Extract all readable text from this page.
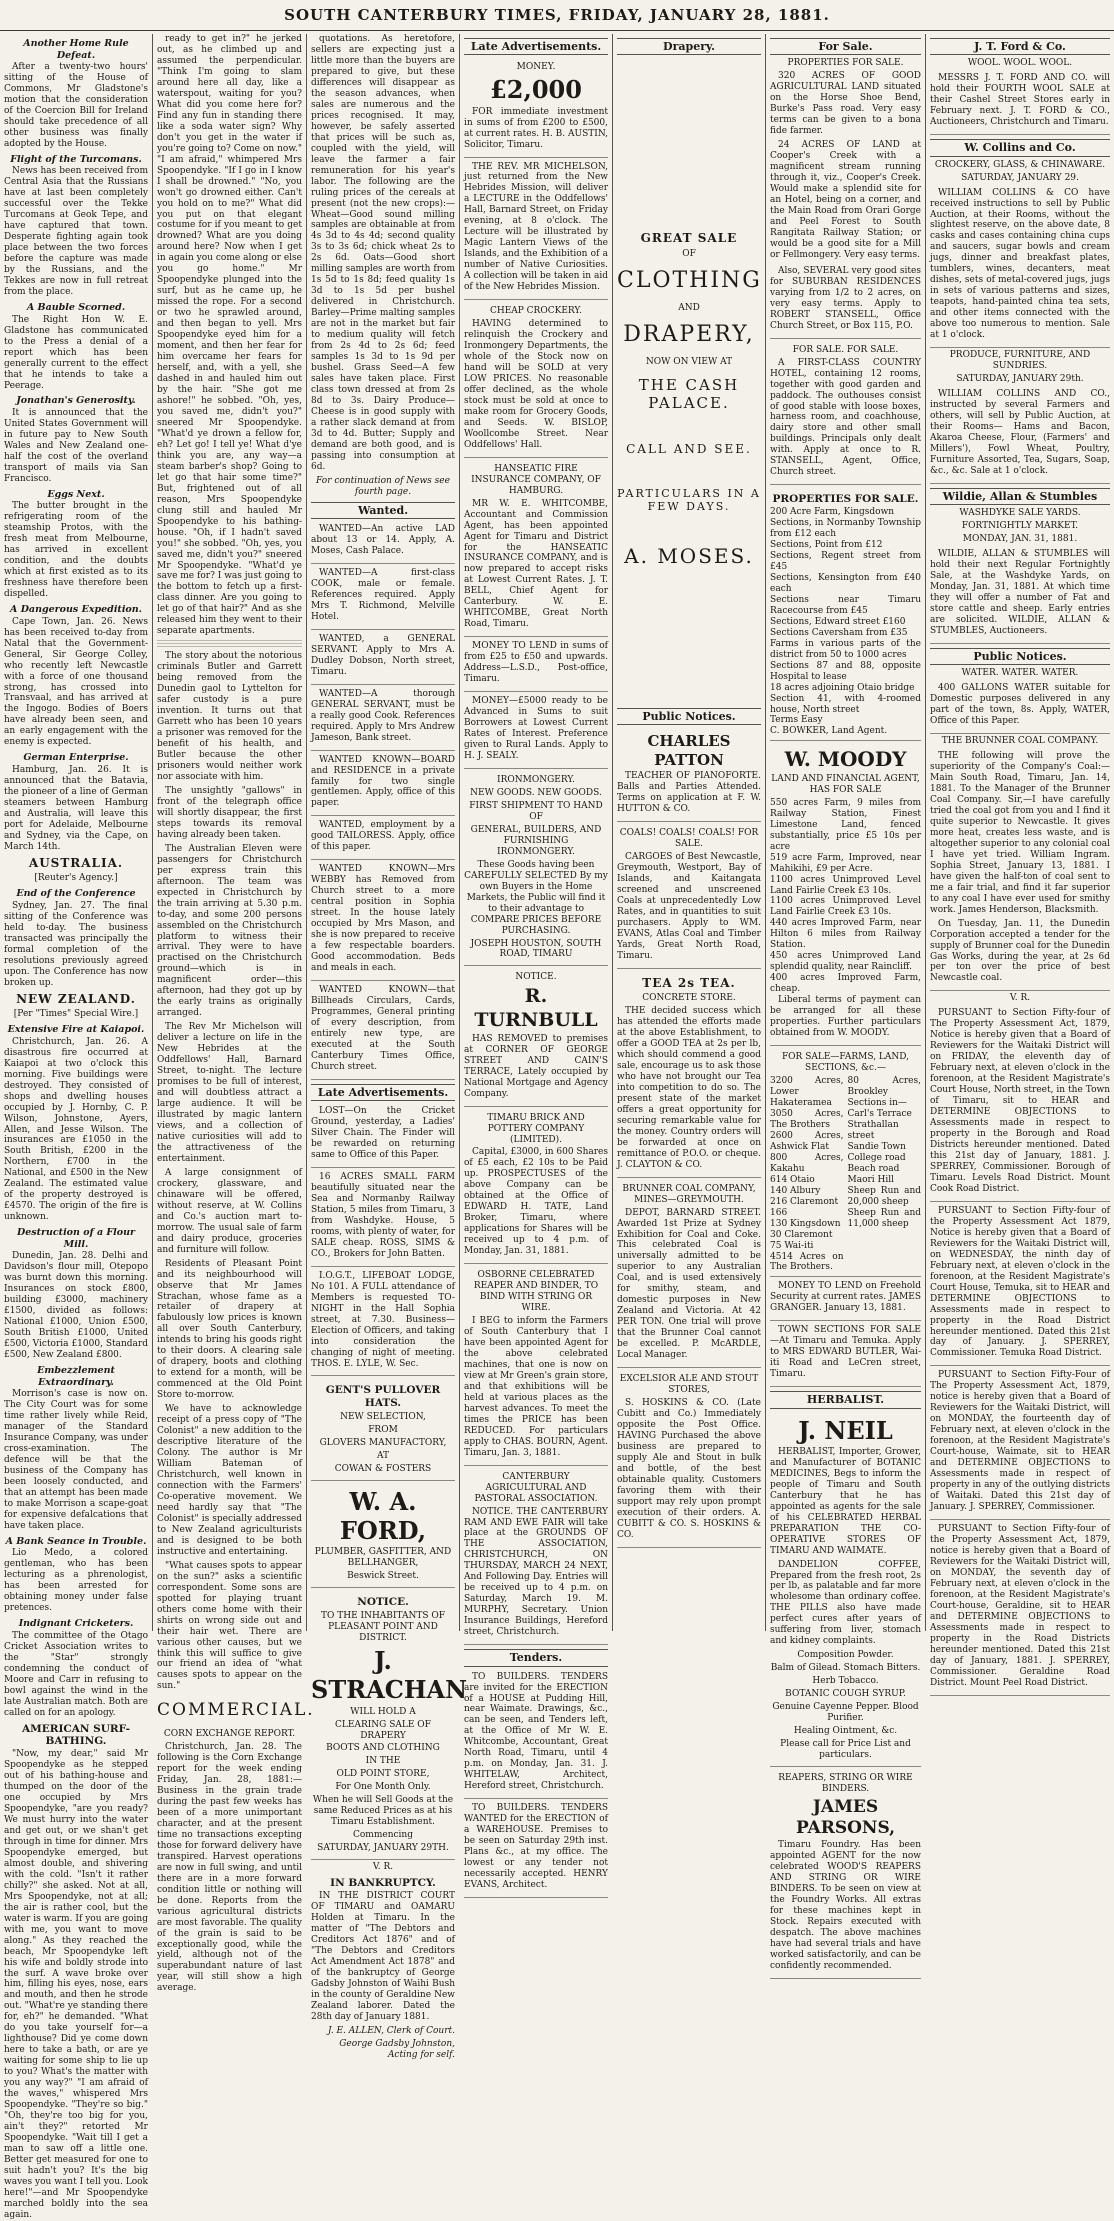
SOUTH CANTERBURY TIMES, FRIDAY, JANUARY 28, 1881.
Another Home Rule Defeat.

After a twenty-two hours' sitting of the House of Commons, Mr Gladstone's motion that the consideration of the Coercion Bill for Ireland should take precedence of all other business was finally adopted by the House.

Flight of the Turcomans.

News has been received from Central Asia that the Russians have at last been completely successful over the Tekke Turcomans at Geok Tepe, and have captured that town. Desperate fighting again took place between the two forces before the capture was made by the Russians, and the Tekkes are now in full retreat from the place.

A Bauble Scorned.

The Right Hon W. E. Gladstone has communicated to the Press a denial of a report which has been generally current to the effect that he intends to take a Peerage.

Jonathan's Generosity.

It is announced that the United States Government will in future pay to New South Wales and New Zealand one-half the cost of the overland transport of mails via San Francisco.

Eggs Next.

The butter brought in the refrigerating room of the steamship Protos, with the fresh meat from Melbourne, has arrived in excellent condition, and the doubts which at first existed as to its freshness have therefore been dispelled.

A Dangerous Expedition.

Cape Town, Jan. 26. News has been received to-day from Natal that the Government-General, Sir George Colley, who recently left Newcastle with a force of one thousand strong, has crossed into Transvaal, and has arrived at the Ingogo. Bodies of Boers have already been seen, and an early engagement with the enemy is expected.

German Enterprise.

Hamburg, Jan. 26. It is announced that the Batavia, the pioneer of a line of German steamers between Hamburg and Australia, will leave this port for Adelaide, Melbourne and Sydney, via the Cape, on March 14th.

AUSTRALIA.
[Reuter's Agency.]
End of the Conference

Sydney, Jan. 27. The final sitting of the Conference was held to-day. The business transacted was principally the formal completion of the resolutions previously agreed upon. The Conference has now broken up.

NEW ZEALAND.
[Per "Times" Special Wire.]
Extensive Fire at Kaiapoi.

Christchurch, Jan. 26. A disastrous fire occurred at Kaiapoi at two o'clock this morning. Five buildings were destroyed. They consisted of shops and dwelling houses occupied by J. Hornby, C. P. Wilson, Johnstone, Ayers, Allen, and Jesse Wilson. The insurances are £1050 in the South British, £200 in the Northern, £700 in the National, and £500 in the New Zealand. The estimated value of the property destroyed is £4570. The origin of the fire is unknown.

Destruction of a Flour Mill.

Dunedin, Jan. 28. Delhi and Davidson's flour mill, Otepopo was burnt down this morning. Insurances on stock £800, building £3000, machinery £1500, divided as follows: National £1000, Union £500, South British £1000, United £500, Victoria £1000, Standard £500, New Zealand £800.

Embezzlement Extraordinary.

Morrison's case is now on. The City Court was for some time rather lively while Reid, manager of the Standard Insurance Company, was under cross-examination. The defence will be that the business of the Company has been loosely conducted, and that an attempt has been made to make Morrison a scape-goat for expensive defalcations that have taken place.

A Bank Seance in Trouble.

Lio Medo, a colored gentleman, who has been lecturing as a phrenologist, has been arrested for obtaining money under false pretences.

Indignant Cricketers.

The committee of the Otago Cricket Association writes to the "Star" strongly condemning the conduct of Moore and Carr in refusing to bowl against the wind in the late Australian match. Both are called on for an apology.

AMERICAN SURF-BATHING.

"Now, my dear," said Mr Spoopendyke as he stepped out of his bathing-house and thumped on the door of the one occupied by Mrs Spoopendyke, "are you ready? We must hurry into the water and get out, or we shan't get through in time for dinner. Mrs Spoopendyke emerged, but almost double, and shivering with the cold. "Isn't it rather chilly?" she asked. Not at all, Mrs Spoopendyke, not at all; the air is rather cool, but the water is warm. If you are going with me, you want to move along." As they reached the beach, Mr Spoopendyke left his wife and boldly strode into the surf. A wave broke over him, filling his eyes, nose, ears and mouth, and then he strode out. "What're ye standing there for, eh?" he demanded. "What do you take yourself for—a lighthouse? Did ye come down here to take a bath, or are ye waiting for some ship to lie up to you? What's the matter with you any way?" "I am afraid of the waves," whispered Mrs Spoopendyke. "They're so big." "Oh, they're too big for you, ain't they?" retorted Mr Spoopendyke. "Wait till I get a man to saw off a little one. Better get measured for one to suit hadn't you? It's the big waves you want I tell you. Look here!"—and Mr Spoopendyke marched boldly into the sea again.

ready to get in?" he jerked out, as he climbed up and assumed the perpendicular. "Think I'm going to slam around here all day, like a waterspout, waiting for you? What did you come here for? Find any fun in standing there like a soda water sign? Why don't you get in the water if you're going to? Come on now." "I am afraid," whimpered Mrs Spoopendyke. "If I go in I know I shall be drowned." "No, you won't go drowned either. Can't you hold on to me?" What did you put on that elegant costume for if you meant to get drowned? What are you doing around here? Now when I get in again you come along or else you go home." Mr Spoopendyke plunged into the surf, but as he came up, he missed the rope. For a second or two he sprawled around, and then began to yell. Mrs Spoopendyke eyed him for a moment, and then her fear for him overcame her fears for herself, and, with a yell, she dashed in and hauled him out by the hair. "She got me ashore!" he sobbed. "Oh, yes, you saved me, didn't you?" sneered Mr Spoopendyke. "What'd ye drown a fellow for, eh? Let go! I tell ye! What d'ye think you are, any way—a steam barber's shop? Going to let go that hair some time?" But, frightened out of all reason, Mrs Spoopendyke clung still and hauled Mr Spoopendyke to his bathing-house. "Oh, if I hadn't saved you!" she sobbed. "Oh, yes, you saved me, didn't you?" sneered Mr Spoopendyke. "What'd ye save me for? I was just going to the bottom to fetch up a first-class dinner. Are you going to let go of that hair?" And as she released him they went to their separate apartments.

The story about the notorious criminals Butler and Garrett being removed from the Dunedin gaol to Lyttelton for safer custody is a pure invention. It turns out that Garrett who has been 10 years a prisoner was removed for the benefit of his health, and Butler because the other prisoners would neither work nor associate with him.

The unsightly "gallows" in front of the telegraph office will shortly disappear, the first steps towards its removal having already been taken.

The Australian Eleven were passengers for Christchurch per express train this afternoon. The team was expected in Christchurch by the train arriving at 5.30 p.m. to-day, and some 200 persons assembled on the Christchurch platform to witness their arrival. They were to have practised on the Christchurch ground—which is in magnificent order—this afternoon, had they got up by the early trains as originally arranged.

The Rev Mr Michelson will deliver a lecture on life in the New Hebrides at the Oddfellows' Hall, Barnard Street, to-night. The lecture promises to be full of interest, and will doubtless attract a large audience. It will be illustrated by magic lantern views, and a collection of native curiosities will add to the attractiveness of the entertainment.

A large consignment of crockery, glassware, and chinaware will be offered, without reserve, at W. Collins and Co.'s auction mart to-morrow. The usual sale of farm and dairy produce, groceries and furniture will follow.

Residents of Pleasant Point and its neighbourhood will observe that Mr James Strachan, whose fame as a retailer of drapery at fabulously low prices is known all over South Canterbury, intends to bring his goods right to their doors. A clearing sale of drapery, boots and clothing to extend for a month, will be commenced at the Old Point Store to-morrow.

We have to acknowledge receipt of a press copy of "The Colonist" a new addition to the descriptive literature of the Colony. The author is Mr William Bateman of Christchurch, well known in connection with the Farmers' Co-operative movement. We need hardly say that "The Colonist" is specially addressed to New Zealand agriculturists and is designed to be both instructive and entertaining.

"What causes spots to appear on the sun?" asks a scientific correspondent. Some sons are spotted for playing truant others come home with their shirts on wrong side out and their hair wet. There are various other causes, but we think this will suffice to give our friend an idea of "what causes spots to appear on the sun."

COMMERCIAL.
CORN EXCHANGE REPORT.

Christchurch, Jan. 28. The following is the Corn Exchange report for the week ending Friday, Jan. 28, 1881:— Business in the grain trade during the past few weeks has been of a more unimportant character, and at the present time no transactions excepting those for forward delivery have transpired. Harvest operations are now in full swing, and until there are in a more forward condition little or nothing will be done. Reports from the various agricultural districts are most favorable. The quality of the grain is said to be exceptionally good, while the yield, although not of the superabundant nature of last year, will still show a high average.

quotations. As heretofore, sellers are expecting just a little more than the buyers are prepared to give, but these differences will disappear as the season advances, when sales are numerous and the prices recognised. It may, however, be safely asserted that prices will be such as, coupled with the yield, will leave the farmer a fair remuneration for his year's labor. The following are the ruling prices of the cereals at present (not the new crops):— Wheat—Good sound milling samples are obtainable at from 4s 3d to 4s 4d; second quality 3s to 3s 6d; chick wheat 2s to 2s 6d. Oats—Good short milling samples are worth from 1s 5d to 1s 8d; feed quality 1s 3d to 1s 5d per bushel delivered in Christchurch. Barley—Prime malting samples are not in the market but fair to medium quality will fetch from 2s 4d to 2s 6d; feed samples 1s 3d to 1s 9d per bushel. Grass Seed—A few sales have taken place. First class town dressed at from 2s 8d to 3s. Dairy Produce—Cheese is in good supply with a rather slack demand at from 3d to 4d. Butter; Supply and demand are both good, and is passing into consumption at 6d.

For continuation of News see fourth page.
Wanted.

WANTED—An active LAD about 13 or 14. Apply, A. Moses, Cash Palace.

WANTED—A first-class COOK, male or female. References required. Apply Mrs T. Richmond, Melville Hotel.

WANTED, a GENERAL SERVANT. Apply to Mrs A. Dudley Dobson, North street, Timaru.

WANTED—A thorough GENERAL SERVANT, must be a really good Cook. References required. Apply to Mrs Andrew Jameson, Bank street.

WANTED KNOWN—BOARD and RESIDENCE in a private family for two single gentlemen. Apply, office of this paper.

WANTED, employment by a good TAILORESS. Apply, office of this paper.

WANTED KNOWN—Mrs WEBBY has Removed from Church street to a more central position in Sophia street. In the house lately occupied by Mrs Mason, and she is now prepared to receive a few respectable boarders. Good accommodation. Beds and meals in each.

WANTED KNOWN—that Billheads Circulars, Cards, Programmes, General printing of every description, from entirely new type, are executed at the South Canterbury Times Office, Church street.

Late Advertisements.

LOST—On the Cricket Ground, yesterday, a Ladies' Silver Chain. The Finder will be rewarded on returning same to Office of this Paper.

16 ACRES SMALL FARM beautifully situated near the Sea and Normanby Railway Station, 5 miles from Timaru, 3 from Washdyke. House, 5 rooms, with plenty of water, for SALE cheap. ROSS, SIMS & CO., Brokers for John Batten.

I.O.G.T., LIFEBOAT LODGE, No 101. A FULL attendance of Members is requested TO-NIGHT in the Hall Sophia street, at 7.30. Business—Election of Officers, and taking into consideration the changing of night of meeting. THOS. E. LYLE, W. Sec.

GENT'S PULLOVER HATS.
NEW SELECTION,
FROM
GLOVERS MANUFACTORY,
AT
COWAN & FOSTERS
W. A. FORD,
PLUMBER, GASFITTER, AND BELLHANGER,
Beswick Street.
NOTICE.
TO THE INHABITANTS OF PLEASANT POINT AND DISTRICT.
J. STRACHAN
WILL HOLD A
CLEARING SALE OF DRAPERY
BOOTS AND CLOTHING
IN THE
OLD POINT STORE,
For One Month Only.
When he will Sell Goods at the same Reduced Prices as at his Timaru Establishment.
Commencing
SATURDAY, JANUARY 29TH.
V. R.
IN BANKRUPTCY.

IN THE DISTRICT COURT OF TIMARU and OAMARU Holden at Timaru. In the matter of "The Debtors and Creditors Act 1876" and of "The Debtors and Creditors Act Amendment Act 1878" and of the bankruptcy of George Gadsby Johnston of Waihi Bush in the county of Geraldine New Zealand laborer. Dated the 28th day of January 1881.

J. E. ALLEN, Clerk of Court.
George Gadsby Johnston, Acting for self.
Late Advertisements.
MONEY.
£2,000

FOR immediate investment in sums of from £200 to £500, at current rates. H. B. AUSTIN, Solicitor, Timaru.

THE REV. MR MICHELSON, just returned from the New Hebrides Mission, will deliver a LECTURE in the Oddfellows' Hall, Barnard Street, on Friday evening, at 8 o'clock. The Lecture will be illustrated by Magic Lantern Views of the Islands, and the Exhibition of a number of Native Curiosities. A collection will be taken in aid of the New Hebrides Mission.

CHEAP CROCKERY.

HAVING determined to relinquish the Crockery and Ironmongery Departments, the whole of the Stock now on hand will be SOLD at very LOW PRICES. No reasonable offer declined, as the whole stock must be sold at once to make room for Grocery Goods, and Seeds. W. BISLOP, Woollcombe Street. Near Oddfellows' Hall.

HANSEATIC FIRE INSURANCE COMPANY, OF HAMBURG.

MR W. E. WHITCOMBE, Accountant and Commission Agent, has been appointed Agent for Timaru and District for the HANSEATIC INSURANCE COMPANY, and is now prepared to accept risks at Lowest Current Rates. J. T. BELL, Chief Agent for Canterbury. W. E. WHITCOMBE, Great North Road, Timaru.

MONEY TO LEND in sums of from £25 to £50 and upwards. Address—L.S.D., Post-office, Timaru.

MONEY—£5000 ready to be Advanced in Sums to suit Borrowers at Lowest Current Rates of Interest. Preference given to Rural Lands. Apply to H. J. SEALY.

IRONMONGERY.
NEW GOODS. NEW GOODS.
FIRST SHIPMENT TO HAND OF
GENERAL, BUILDERS, AND FURNISHING IRONMONGERY.
These Goods having been CAREFULLY SELECTED By my own Buyers in the Home Markets, the Public will find it to their advantage to COMPARE PRICES BEFORE PURCHASING.
JOSEPH HOUSTON, SOUTH ROAD, TIMARU
NOTICE.
R. TURNBULL

HAS REMOVED to premises at CORNER OF GEORGE STREET AND CAIN'S TERRACE, Lately occupied by National Mortgage and Agency Company.

TIMARU BRICK AND POTTERY COMPANY (LIMITED).

Capital, £3000, in 600 Shares of £5 each, £2 10s to be Paid up. PROSPECTUSES of the above Company can be obtained at the Office of EDWARD H. TATE, Land Broker, Timaru, where applications for Shares will be received up to 4 p.m. of Monday, Jan. 31, 1881.

OSBORNE CELEBRATED REAPER AND BINDER, TO BIND WITH STRING OR WIRE.

I BEG to inform the Farmers of South Canterbury that I have been appointed Agent for the above celebrated machines, that one is now on view at Mr Green's grain store, and that exhibitions will be held at various places as the harvest advances. To meet the times the PRICE has been REDUCED. For particulars apply to CHAS. BOURN, Agent. Timaru, Jan. 3, 1881.

CANTERBURY AGRICULTURAL AND PASTORAL ASSOCIATION.

NOTICE. THE CANTERBURY RAM AND EWE FAIR will take place at the GROUNDS OF THE ASSOCIATION, CHRISTCHURCH, ON THURSDAY, MARCH 24 NEXT, And Following Day. Entries will be received up to 4 p.m. on Saturday, March 19. M. MURPHY, Secretary. Union Insurance Buildings, Hereford street, Christchurch.

Tenders.

TO BUILDERS. TENDERS are invited for the ERECTION of a HOUSE at Pudding Hill, near Waimate. Drawings, &c., can be seen, and Tenders left, at the Office of Mr W. E. Whitcombe, Accountant, Great North Road, Timaru, until 4 p.m. on Monday, Jan. 31. J. WHITELAW, Architect, Hereford street, Christchurch.

TO BUILDERS. TENDERS WANTED for the ERECTION of a WAREHOUSE. Premises to be seen on Saturday 29th inst. Plans &c., at my office. The lowest or any tender not necessarily accepted. HENRY EVANS, Architect.

Drapery.
GREAT SALE
OF
CLOTHING
AND
DRAPERY,
NOW ON VIEW AT
THE CASH PALACE.
CALL AND SEE.
PARTICULARS IN A FEW DAYS.
A. MOSES.
Public Notices.
CHARLES PATTON

TEACHER OF PIANOFORTE. Balls and Parties Attended. Terms on application at F. W. HUTTON & CO.

COALS! COALS! COALS! FOR SALE.

CARGOES of Best Newcastle, Greymouth, Westport, Bay of Islands, and Kaitangata screened and unscreened Coals at unprecedentedly Low Rates, and in quantities to suit purchasers. Apply to WM. EVANS, Atlas Coal and Timber Yards, Great North Road, Timaru.

TEA 2s TEA.
CONCRETE STORE.

THE decided success which has attended the efforts made at the above Establishment, to offer a GOOD TEA at 2s per lb, which should commend a good sale, encourage us to ask those who have not brought our Tea into competition to do so. The present state of the market offers a great opportunity for securing remarkable value for the money. Country orders will be forwarded at once on remittance of P.O.O. or cheque. J. CLAYTON & CO.

BRUNNER COAL COMPANY, MINES—GREYMOUTH.

DEPOT, BARNARD STREET. Awarded 1st Prize at Sydney Exhibition for Coal and Coke. This celebrated Coal is universally admitted to be superior to any Australian Coal, and is used extensively for smithy, steam, and domestic purposes in New Zealand and Victoria. At 42 PER TON. One trial will prove that the Brunner Coal cannot be excelled. P. McARDLE, Local Manager.

EXCELSIOR ALE AND STOUT STORES,

S. HOSKINS & CO. (Late Cubitt and Co.) Immediately opposite the Post Office. HAVING Purchased the above business are prepared to supply Ale and Stout in bulk and bottle, of the best obtainable quality. Customers favoring them with their support may rely upon prompt execution of their orders. A. CUBITT & CO. S. HOSKINS & CO.

For Sale.
PROPERTIES FOR SALE.

320 ACRES OF GOOD AGRICULTURAL LAND situated on the Horse Shoe Bend, Burke's Pass road. Very easy terms can be given to a bona fide farmer.

24 ACRES OF LAND at Cooper's Creek with a magnificent stream running through it, viz., Cooper's Creek. Would make a splendid site for an Hotel, being on a corner, and the Main Road from Orari Gorge and Peel Forest to South Rangitata Railway Station; or would be a good site for a Mill or Fellmongery. Very easy terms.

Also, SEVERAL very good sites for SUBURBAN RESIDENCES varying from 1/2 to 2 acres, on very easy terms. Apply to ROBERT STANSELL, Office Church Street, or Box 115, P.O.

FOR SALE. FOR SALE.

A FIRST-CLASS COUNTRY HOTEL, containing 12 rooms, together with good garden and paddock. The outhouses consist of good stable with loose boxes, harness room, and coachhouse, dairy store and other small buildings. Principals only dealt with. Apply at once to R. STANSELL, Agent, Office, Church street.

PROPERTIES FOR SALE.
200 Acre Farm, Kingsdown
Sections, in Normanby Township from £12 each
Sections, Point from £12
Sections, Regent street from £45
Sections, Kensington from £40 each
Sections near Timaru Racecourse from £45
Sections, Edward street £160
Sections Caversham from £35
Farms in various parts of the district from 50 to 1000 acres
Sections 87 and 88, opposite Hospital to lease
18 acres adjoining Otaio bridge
Section 41, with 4-roomed house, North street
Terms Easy
C. BOWKER, Land Agent.
W. MOODY
LAND AND FINANCIAL AGENT, HAS FOR SALE
550 acres Farm, 9 miles from Railway Station, Finest Limestone Land, fenced substantially, price £5 10s per acre
519 acre Farm, Improved, near Mahikihi, £9 per Acre.
1100 acres Unimproved Level Land Fairlie Creek £3 10s.
1100 acres Unimproved Level Land Fairlie Creek £3 10s.
440 acres Improved Farm, near Hilton 6 miles from Railway Station.
450 acres Unimproved Land splendid quality, near Raincliff.
400 acres Improved Farm, cheap.

Liberal terms of payment can be arranged for all these properties. Further particulars obtained from W. MOODY.

FOR SALE—FARMS, LAND, SECTIONS, &c.—
3200 Acres, Lower Hakateramea
3050 Acres, The Brothers
2600 Acres, Ashwick Flat
800 Acres, Kakahu
614 Otaio
140 Albury
216 Claremont
166
130 Kingsdown
30 Claremont
75 Wai-iti
4514 Acres on The Brothers.
80 Acres, Brookley
Sections in—
Carl's Terrace
Strathallan street
Sandie Town
College road
Beach road
Maori Hill
Sheep Run and 20,000 sheep
Sheep Run and 11,000 sheep

MONEY TO LEND on Freehold Security at current rates. JAMES GRANGER. January 13, 1881.

TOWN SECTIONS FOR SALE—At Timaru and Temuka. Apply to MRS EDWARD BUTLER, Wai-iti Road and LeCren street, Timaru.

HERBALIST.
J. NEIL

HERBALIST, Importer, Grower, and Manufacturer of BOTANIC MEDICINES, Begs to inform the people of Timaru and South Canterbury that he has appointed as agents for the sale of his CELEBRATED HERBAL PREPARATION THE CO-OPERATIVE STORES OF TIMARU AND WAIMATE.

DANDELION COFFEE, Prepared from the fresh root, 2s per lb, as palatable and far more wholesome than ordinary coffee. THE PILLS also have made perfect cures after years of suffering from liver, stomach and kidney complaints.

Composition Powder.
Balm of Gilead. Stomach Bitters.
Herb Tobacco.
BOTANIC COUGH SYRUP.
Genuine Cayenne Pepper. Blood Purifier.
Healing Ointment, &c.
Please call for Price List and particulars.
REAPERS, STRING OR WIRE BINDERS.
JAMES PARSONS,

Timaru Foundry. Has been appointed AGENT for the now celebrated WOOD'S REAPERS AND STRING OR WIRE BINDERS. To be seen on view at the Foundry Works. All extras for these machines kept in Stock. Repairs executed with despatch. The above machines have had several trials and have worked satisfactorily, and can be confidently recommended.

J. T. Ford & Co.
WOOL. WOOL. WOOL.

MESSRS J. T. FORD AND CO. will hold their FOURTH WOOL SALE at their Cashel Street Stores early in February next. J. T. FORD & CO., Auctioneers, Christchurch and Timaru.

W. Collins and Co.
CROCKERY, GLASS, & CHINAWARE.
SATURDAY, JANUARY 29.

WILLIAM COLLINS & CO have received instructions to sell by Public Auction, at their Rooms, without the slightest reserve, on the above date, 8 casks and cases containing china cups and saucers, sugar bowls and cream jugs, dinner and breakfast plates, tumblers, wines, decanters, meat dishes, sets of metal-covered jugs, jugs in sets of various patterns and sizes, teapots, hand-painted china tea sets, and other items connected with the above too numerous to mention. Sale at 1 o'clock.

PRODUCE, FURNITURE, AND SUNDRIES.
SATURDAY, JANUARY 29th.

WILLIAM COLLINS AND CO., instructed by several Farmers and others, will sell by Public Auction, at their Rooms— Hams and Bacon, Akaroa Cheese, Flour, (Farmers' and Millers'), Fowl Wheat, Poultry, Furniture Assorted, Tea, Sugars, Soap, &c., &c. Sale at 1 o'clock.

Wildie, Allan & Stumbles
WASHDYKE SALE YARDS.
FORTNIGHTLY MARKET.
MONDAY, JAN. 31, 1881.

WILDIE, ALLAN & STUMBLES will hold their next Regular Fortnightly Sale, at the Washdyke Yards, on Monday, Jan. 31, 1881. At which time they will offer a number of Fat and store cattle and sheep. Early entries are solicited. WILDIE, ALLAN & STUMBLES, Auctioneers.

Public Notices.
WATER. WATER. WATER.

400 GALLONS WATER suitable for Domestic purposes delivered in any part of the town, 8s. Apply, WATER, Office of this Paper.

THE BRUNNER COAL COMPANY.

THE following will prove the superiority of the Company's Coal:— Main South Road, Timaru, Jan. 14, 1881. To the Manager of the Brunner Coal Company. Sir,—I have carefully tried the coal got from you and I find it quite superior to Newcastle. It gives more heat, creates less waste, and is altogether superior to any colonial coal I have yet tried. William Ingram. Sophia Street, January 13, 1881. I have given the half-ton of coal sent to me a fair trial, and find it far superior to any coal I have ever used for smithy work. James Henderson, Blacksmith.

On Tuesday, Jan. 11, the Dunedin Corporation accepted a tender for the supply of Brunner coal for the Dunedin Gas Works, during the year, at 2s 6d per ton over the price of best Newcastle coal.

V. R.

PURSUANT to Section Fifty-four of The Property Assessment Act, 1879, Notice is hereby given that a Board of Reviewers for the Waitaki District will on FRIDAY, the eleventh day of February next, at eleven o'clock in the forenoon, at the Resident Magistrate's Court House, North street, in the Town of Timaru, sit to HEAR and DETERMINE OBJECTIONS to Assessments made in respect to property in the Borough and Road Districts hereunder mentioned. Dated this 21st day of January, 1881. J. SPERREY, Commissioner. Borough of Timaru. Levels Road District. Mount Cook Road District.

PURSUANT to Section Fifty-four of the Property Assessment Act 1879, Notice is hereby given that a Board of Reviewers for the Waitaki District will, on WEDNESDAY, the ninth day of February next, at eleven o'clock in the forenoon, at the Resident Magistrate's Court House, Temuka, sit to HEAR and DETERMINE OBJECTIONS to Assessments made in respect to property in the Road District hereunder mentioned. Dated this 21st day of January. J. SPERREY, Commissioner. Temuka Road District.

PURSUANT to Section Fifty-Four of The Property Assessment Act, 1879, notice is hereby given that a Board of Reviewers for the Waitaki District, will on MONDAY, the fourteenth day of February next, at eleven o'clock in the forenoon, at the Resident Magistrate's Court-house, Waimate, sit to HEAR and DETERMINE OBJECTIONS to Assessments made in respect of property in any of the outlying districts of Waitaki. Dated this 21st day of January. J. SPERREY, Commissioner.

PURSUANT to Section Fifty-four of the Property Assessment Act, 1879, notice is hereby given that a Board of Reviewers for the Waitaki District will, on MONDAY, the seventh day of February next, at eleven o'clock in the forenoon, at the Resident Magistrate's Court-house, Geraldine, sit to HEAR and DETERMINE OBJECTIONS to Assessments made in respect to property in the Road Districts hereunder mentioned. Dated this 21st day of January, 1881. J. SPERREY, Commissioner. Geraldine Road District. Mount Peel Road District.
